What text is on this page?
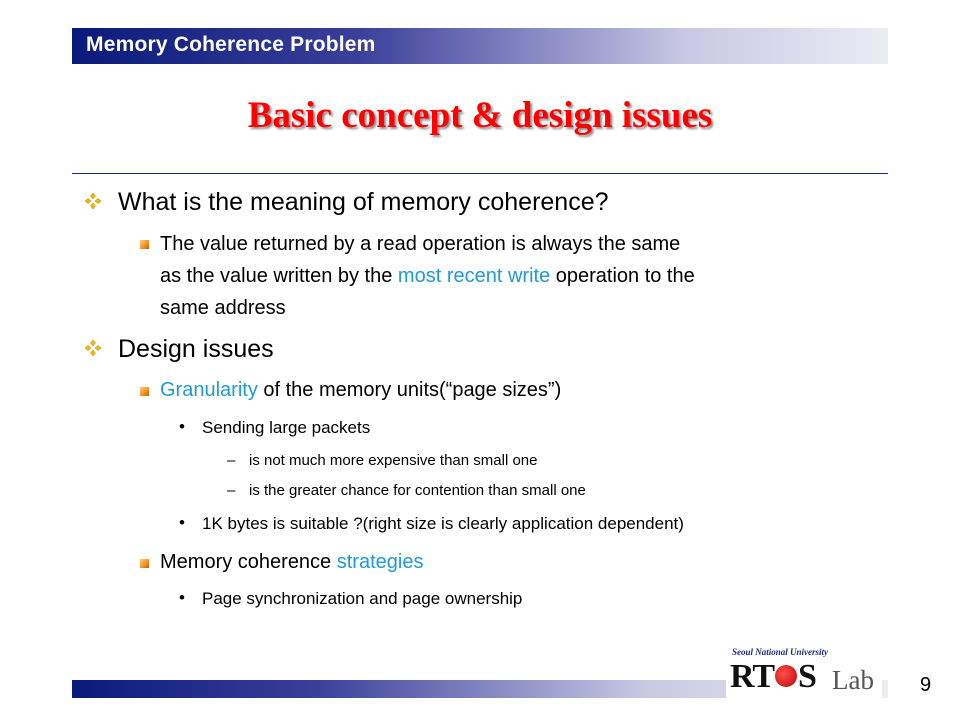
Memory Coherence Problem
Basic concept & design issues
What is the meaning of memory coherence?
The value returned by a read operation is always the same
as the value written by the most recent write operation to the
same address
Design issues
Granularity of the memory units(“page sizes”)
• Sending large packets
– is not much more expensive than small one
– is the greater chance for contention than small one
• 1K bytes is suitable ?(right size is clearly application dependent)
Memory coherence strategies
• Page synchronization and page ownership
Seoul National University
RT S Lab 9
